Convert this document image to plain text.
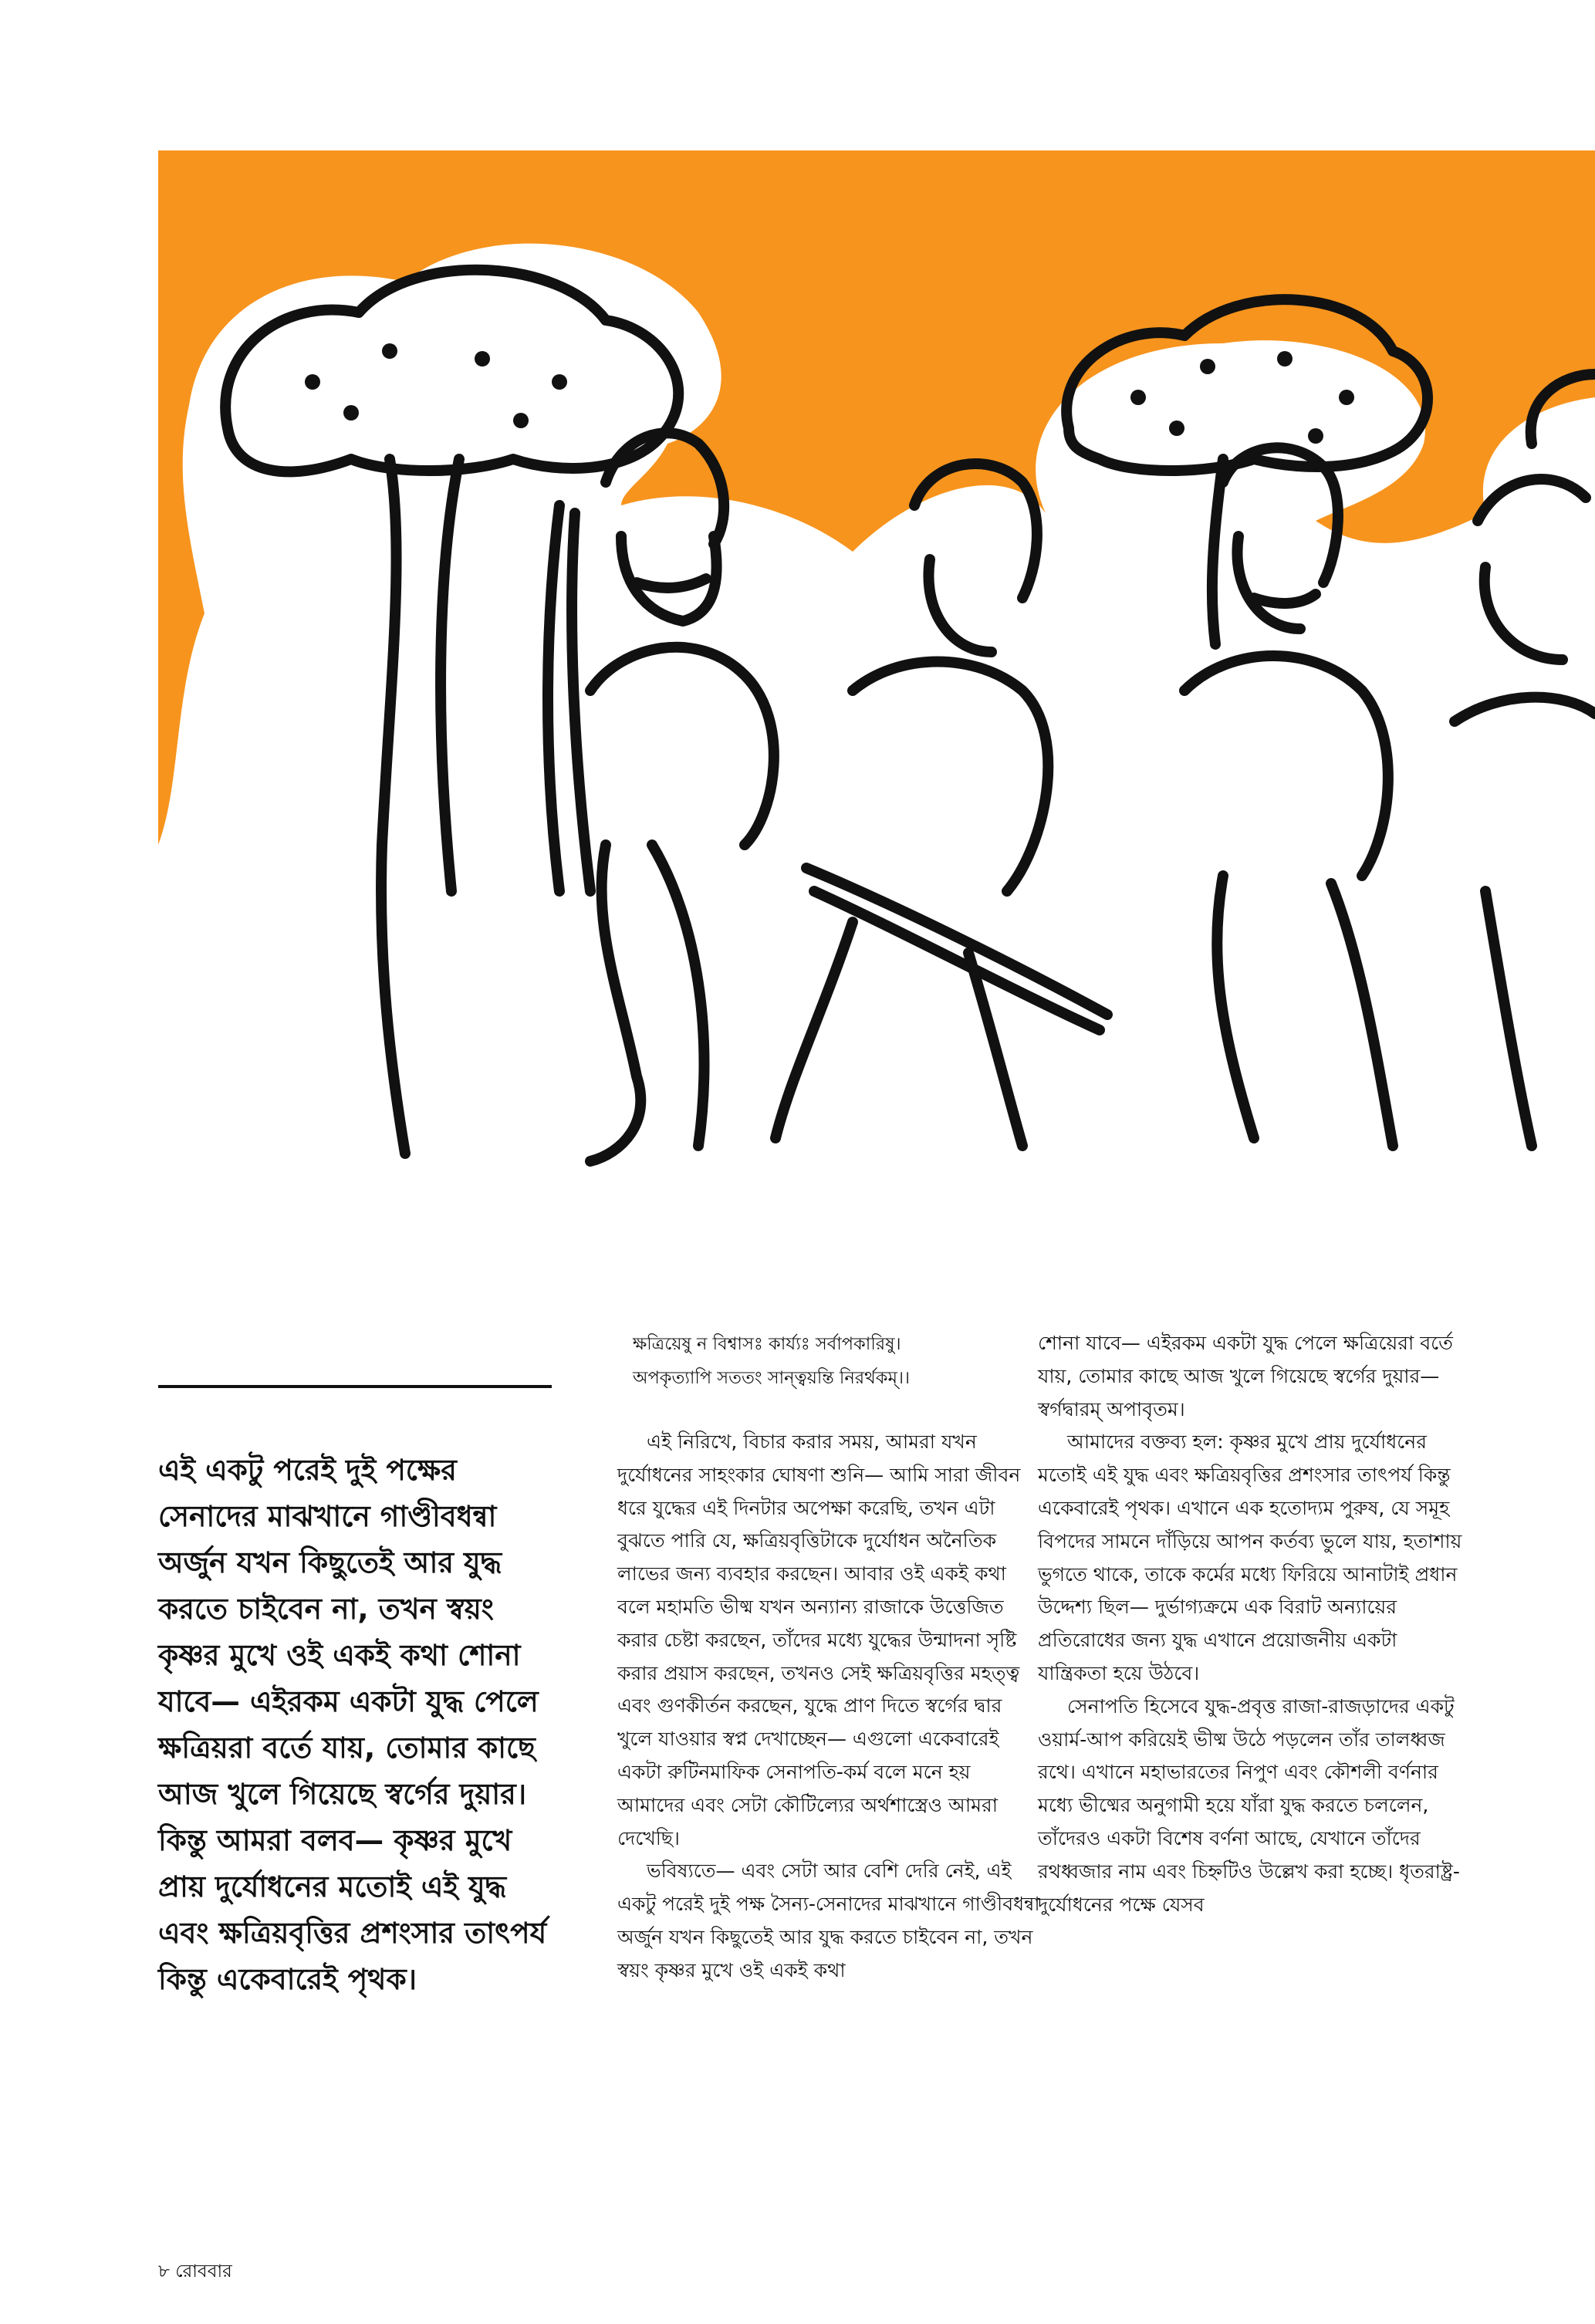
এই একটু পরেই দুই পক্ষের সেনাদের মাঝখানে গাণ্ডীবধন্বা অর্জুন যখন কিছুতেই আর যুদ্ধ করতে চাইবেন না, তখন স্বয়ং কৃষ্ণর মুখে ওই একই কথা শোনা যাবে— এইরকম একটা যুদ্ধ পেলে ক্ষত্রিয়রা বর্তে যায়, তোমার কাছে আজ খুলে গিয়েছে স্বর্গের দুয়ার। কিন্তু আমরা বলব— কৃষ্ণর মুখে প্রায় দুর্যোধনের মতোই এই যুদ্ধ এবং ক্ষত্রিয়বৃত্তির প্রশংসার তাৎপর্য কিন্তু একেবারেই পৃথক।
ক্ষত্রিয়েষু ন বিশ্বাসঃ কার্য্যঃ সর্বাপকারিষু।
অপকৃত্যাপি সততং সান্ত্বয়ন্তি নিরর্থকম্।।

এই নিরিখে, বিচার করার সময়, আমরা যখন দুর্যোধনের সাহংকার ঘোষণা শুনি— আমি সারা জীবন ধরে যুদ্ধের এই দিনটার অপেক্ষা করেছি, তখন এটা বুঝতে পারি যে, ক্ষত্রিয়বৃত্তিটাকে দুর্যোধন অনৈতিক লাভের জন্য ব্যবহার করছেন। আবার ওই একই কথা বলে মহামতি ভীষ্ম যখন অন্যান্য রাজাকে উত্তেজিত করার চেষ্টা করছেন, তাঁদের মধ্যে যুদ্ধের উন্মাদনা সৃষ্টি করার প্রয়াস করছেন, তখনও সেই ক্ষত্রিয়বৃত্তির মহত্ত্ব এবং গুণকীর্তন করছেন, যুদ্ধে প্রাণ দিতে স্বর্গের দ্বার খুলে যাওয়ার স্বপ্ন দেখাচ্ছেন— এগুলো একেবারেই একটা রুটিনমাফিক সেনাপতি-কর্ম বলে মনে হয় আমাদের এবং সেটা কৌটিল্যের অর্থশাস্ত্রেও আমরা দেখেছি।

ভবিষ্যতে— এবং সেটা আর বেশি দেরি নেই, এই একটু পরেই দুই পক্ষ সৈন্য-সেনাদের মাঝখানে গাণ্ডীবধন্বা অর্জুন যখন কিছুতেই আর যুদ্ধ করতে চাইবেন না, তখন স্বয়ং কৃষ্ণর মুখে ওই একই কথা

শোনা যাবে— এইরকম একটা যুদ্ধ পেলে ক্ষত্রিয়েরা বর্তে যায়, তোমার কাছে আজ খুলে গিয়েছে স্বর্গের দুয়ার— স্বর্গদ্বারম্ অপাবৃতম।

আমাদের বক্তব্য হল: কৃষ্ণর মুখে প্রায় দুর্যোধনের মতোই এই যুদ্ধ এবং ক্ষত্রিয়বৃত্তির প্রশংসার তাৎপর্য কিন্তু একেবারেই পৃথক। এখানে এক হতোদ্যম পুরুষ, যে সমূহ বিপদের সামনে দাঁড়িয়ে আপন কর্তব্য ভুলে যায়, হতাশায় ভুগতে থাকে, তাকে কর্মের মধ্যে ফিরিয়ে আনাটাই প্রধান উদ্দেশ্য ছিল— দুর্ভাগ্যক্রমে এক বিরাট অন্যায়ের প্রতিরোধের জন্য যুদ্ধ এখানে প্রয়োজনীয় একটা যান্ত্রিকতা হয়ে উঠবে।

সেনাপতি হিসেবে যুদ্ধ-প্রবৃত্ত রাজা-রাজড়াদের একটু ওয়ার্ম-আপ করিয়েই ভীষ্ম উঠে পড়লেন তাঁর তালধ্বজ রথে। এখানে মহাভারতের নিপুণ এবং কৌশলী বর্ণনার মধ্যে ভীষ্মের অনুগামী হয়ে যাঁরা যুদ্ধ করতে চললেন, তাঁদেরও একটা বিশেষ বর্ণনা আছে, যেখানে তাঁদের রথধ্বজার নাম এবং চিহ্নটিও উল্লেখ করা হচ্ছে। ধৃতরাষ্ট্র-দুর্যোধনের পক্ষে যেসব

৮ রোববার
